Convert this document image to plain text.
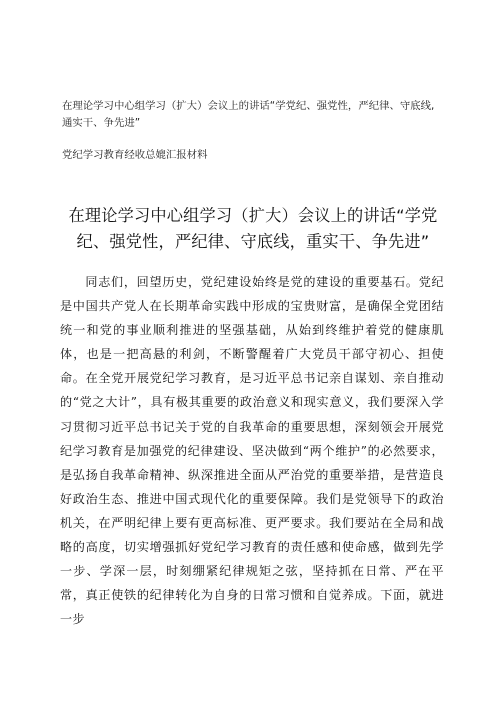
在理论学习中心组学习（扩大）会议上的讲话“学党纪、强党性，严纪律、守底线,通实干、争先进”
党纪学习教育经收总媲汇报材料
在理论学习中心组学习（扩大）会议上的讲话“学党纪、强党性，严纪律、守底线，重实干、争先进”
同志们，回望历史，党纪建设始终是党的建设的重要基石。党纪是中国共产党人在长期革命实践中形成的宝贵财富，是确保全党团结统一和党的事业顺利推进的坚强基础，从始到终维护着党的健康肌体，也是一把高悬的利剑，不断警醒着广大党员干部守初心、担使命。在全党开展党纪学习教育，是习近平总书记亲自谋划、亲自推动的“党之大计”，具有极其重要的政治意义和现实意义，我们要深入学习贯彻习近平总书记关于党的自我革命的重要思想，深刻领会开展党纪学习教育是加强党的纪律建设、坚决做到“两个维护”的必然要求，是弘扬自我革命精神、纵深推进全面从严治党的重要举措，是营造良好政治生态、推进中国式现代化的重要保障。我们是党领导下的政治机关，在严明纪律上要有更高标准、更严要求。我们要站在全局和战略的高度，切实增强抓好党纪学习教育的责任感和使命感，做到先学一步、学深一层，时刻绷紧纪律规矩之弦，坚持抓在日常、严在平常，真正使铁的纪律转化为自身的日常习惯和自觉养成。下面，就进一步
